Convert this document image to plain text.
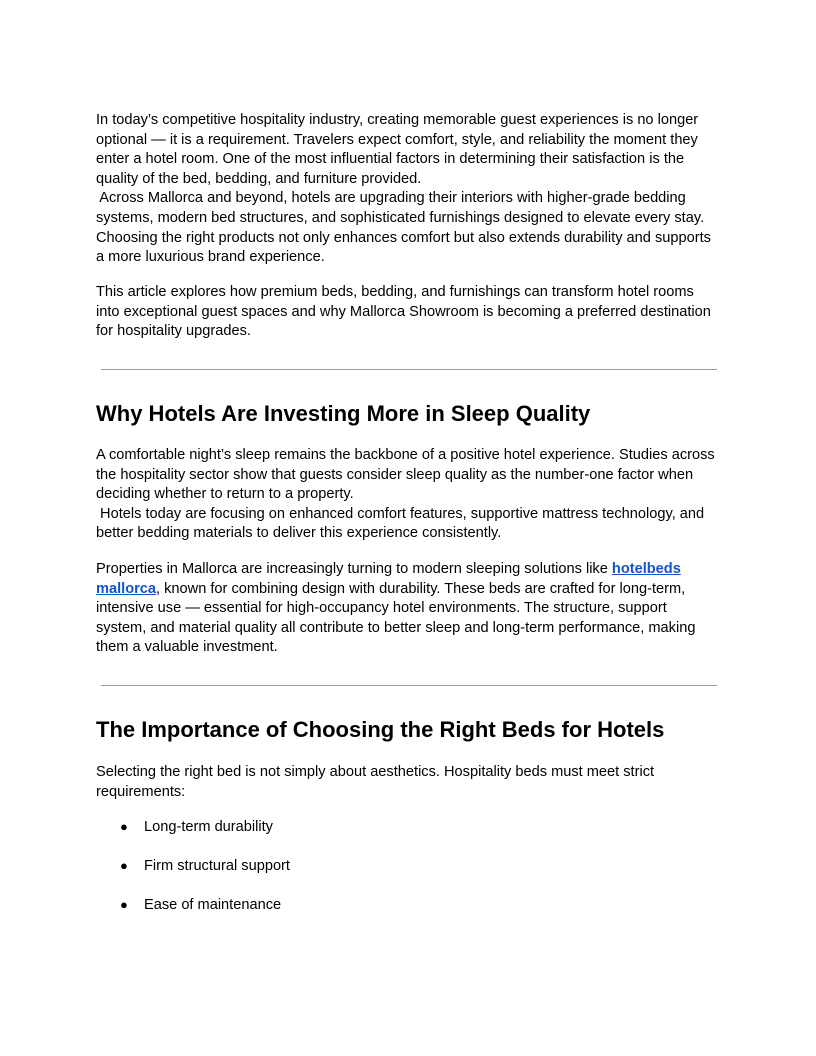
In today’s competitive hospitality industry, creating memorable guest experiences is no longer
optional — it is a requirement. Travelers expect comfort, style, and reliability the moment they
enter a hotel room. One of the most influential factors in determining their satisfaction is the
quality of the bed, bedding, and furniture provided.
Across Mallorca and beyond, hotels are upgrading their interiors with higher-grade bedding
systems, modern bed structures, and sophisticated furnishings designed to elevate every stay.
Choosing the right products not only enhances comfort but also extends durability and supports
a more luxurious brand experience.
This article explores how premium beds, bedding, and furnishings can transform hotel rooms
into exceptional guest spaces and why Mallorca Showroom is becoming a preferred destination
for hospitality upgrades.
Why Hotels Are Investing More in Sleep Quality
A comfortable night’s sleep remains the backbone of a positive hotel experience. Studies across
the hospitality sector show that guests consider sleep quality as the number-one factor when
deciding whether to return to a property.
Hotels today are focusing on enhanced comfort features, supportive mattress technology, and
better bedding materials to deliver this experience consistently.
Properties in Mallorca are increasingly turning to modern sleeping solutions like hotelbeds
mallorca, known for combining design with durability. These beds are crafted for long-term,
intensive use — essential for high-occupancy hotel environments. The structure, support
system, and material quality all contribute to better sleep and long-term performance, making
them a valuable investment.
The Importance of Choosing the Right Beds for Hotels
Selecting the right bed is not simply about aesthetics. Hospitality beds must meet strict
requirements:
● Long-term durability
● Firm structural support
● Ease of maintenance
